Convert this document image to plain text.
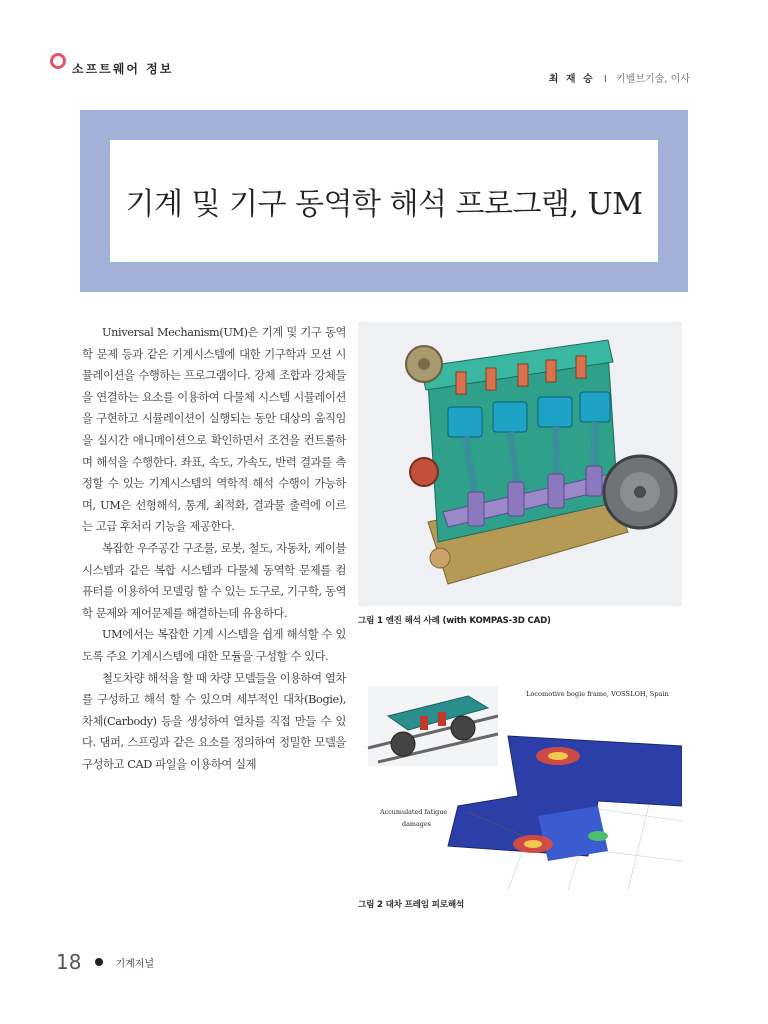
소프트웨어 정보
최 재 승 I 키벨브기술, 이사
기계 및 기구 동역학 해석 프로그램, UM

Universal Mechanism(UM)은 기계 및 기구 동역학 문제 등과 같은 기계시스템에 대한 기구학과 모션 시뮬레이션을 수행하는 프로그램이다. 강체 조합과 강체들을 연결하는 요소를 이용하여 다물체 시스템 시뮬레이션을 구현하고 시뮬레이션이 실행되는 동안 대상의 움직임을 실시간 애니메이션으로 확인하면서 조건을 컨트롤하며 해석을 수행한다. 좌표, 속도, 가속도, 반력 결과를 측정할 수 있는 기계시스템의 역학적 해석 수행이 가능하며, UM은 선형해석, 통계, 최적화, 결과물 출력에 이르는 고급 후처리 기능을 제공한다.

복잡한 우주공간 구조물, 로봇, 철도, 자동차, 케이블 시스템과 같은 복합 시스템과 다물체 동역학 문제를 컴퓨터를 이용하여 모델링 할 수 있는 도구로, 기구학, 동역학 문제와 제어문제를 해결하는데 유용하다.

UM에서는 복잡한 기계 시스템을 쉽게 해석할 수 있도록 주요 기계시스템에 대한 모듈을 구성할 수 있다.

철도차량 해석을 할 때 차량 모델들을 이용하여 열차를 구성하고 해석 할 수 있으며 세부적인 대차(Bogie), 차체(Carbody) 등을 생성하여 열차를 직접 만들 수 있다. 댐퍼, 스프링과 같은 요소를 정의하여 정밀한 모델을 구성하고 CAD 파일을 이용하여 실제

그림 1 엔진 해석 사례 (with KOMPAS-3D CAD)
Locomotive bogie frame, VOSSLOH, Spain
Accumulated fatigue
damages
그림 2 대차 프레임 피로해석
18	기계저널
